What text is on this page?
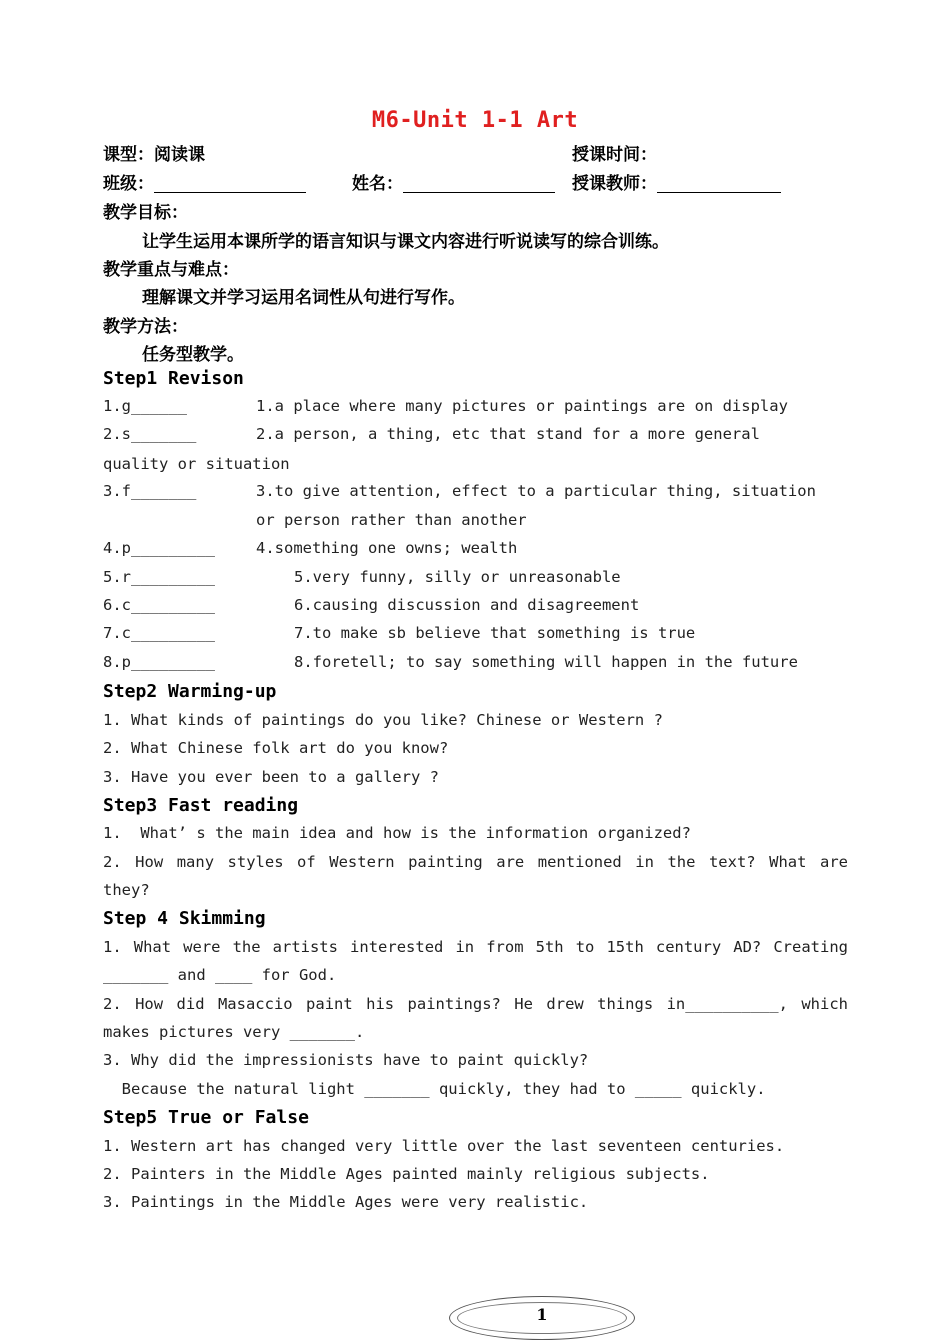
M6-Unit 1-1 Art
课型：阅读课	授课时间：
班级：	姓名：	授课教师：
教学目标：
让学生运用本课所学的语言知识与课文内容进行听说读写的综合训练。
教学重点与难点：
理解课文并学习运用名词性从句进行写作。
教学方法：
任务型教学。
Step1 Revison
1.g______	1.a place where many pictures or paintings are on display
2.s_______	2.a person, a thing, etc that stand for a more general
quality or situation
3.f_______	3.to give attention, effect to a particular thing, situation
or person rather than another
4.p_________	4.something one owns; wealth
5.r_________	5.very funny, silly or unreasonable
6.c_________	6.causing discussion and disagreement
7.c_________	7.to make sb believe that something is true
8.p_________	8.foretell; to say something will happen in the future
Step2 Warming-up
1. What kinds of paintings do you like? Chinese or Western ?
2. What Chinese folk art do you know?
3. Have you ever been to a gallery ?
Step3 Fast reading
1.  What’ s the main idea and how is the information organized?
2. How many styles of Western painting are mentioned in the text? What are
they?
Step 4 Skimming
1. What were the artists interested in from 5th to 15th century AD? Creating
_______ and ____ for God.
2. How did Masaccio paint his paintings? He drew things in__________, which
makes pictures very _______.
3. Why did the impressionists have to paint quickly?
Because the natural light _______ quickly, they had to _____ quickly.
Step5 True or False
1. Western art has changed very little over the last seventeen centuries.
2. Painters in the Middle Ages painted mainly religious subjects.
3. Paintings in the Middle Ages were very realistic.
1
